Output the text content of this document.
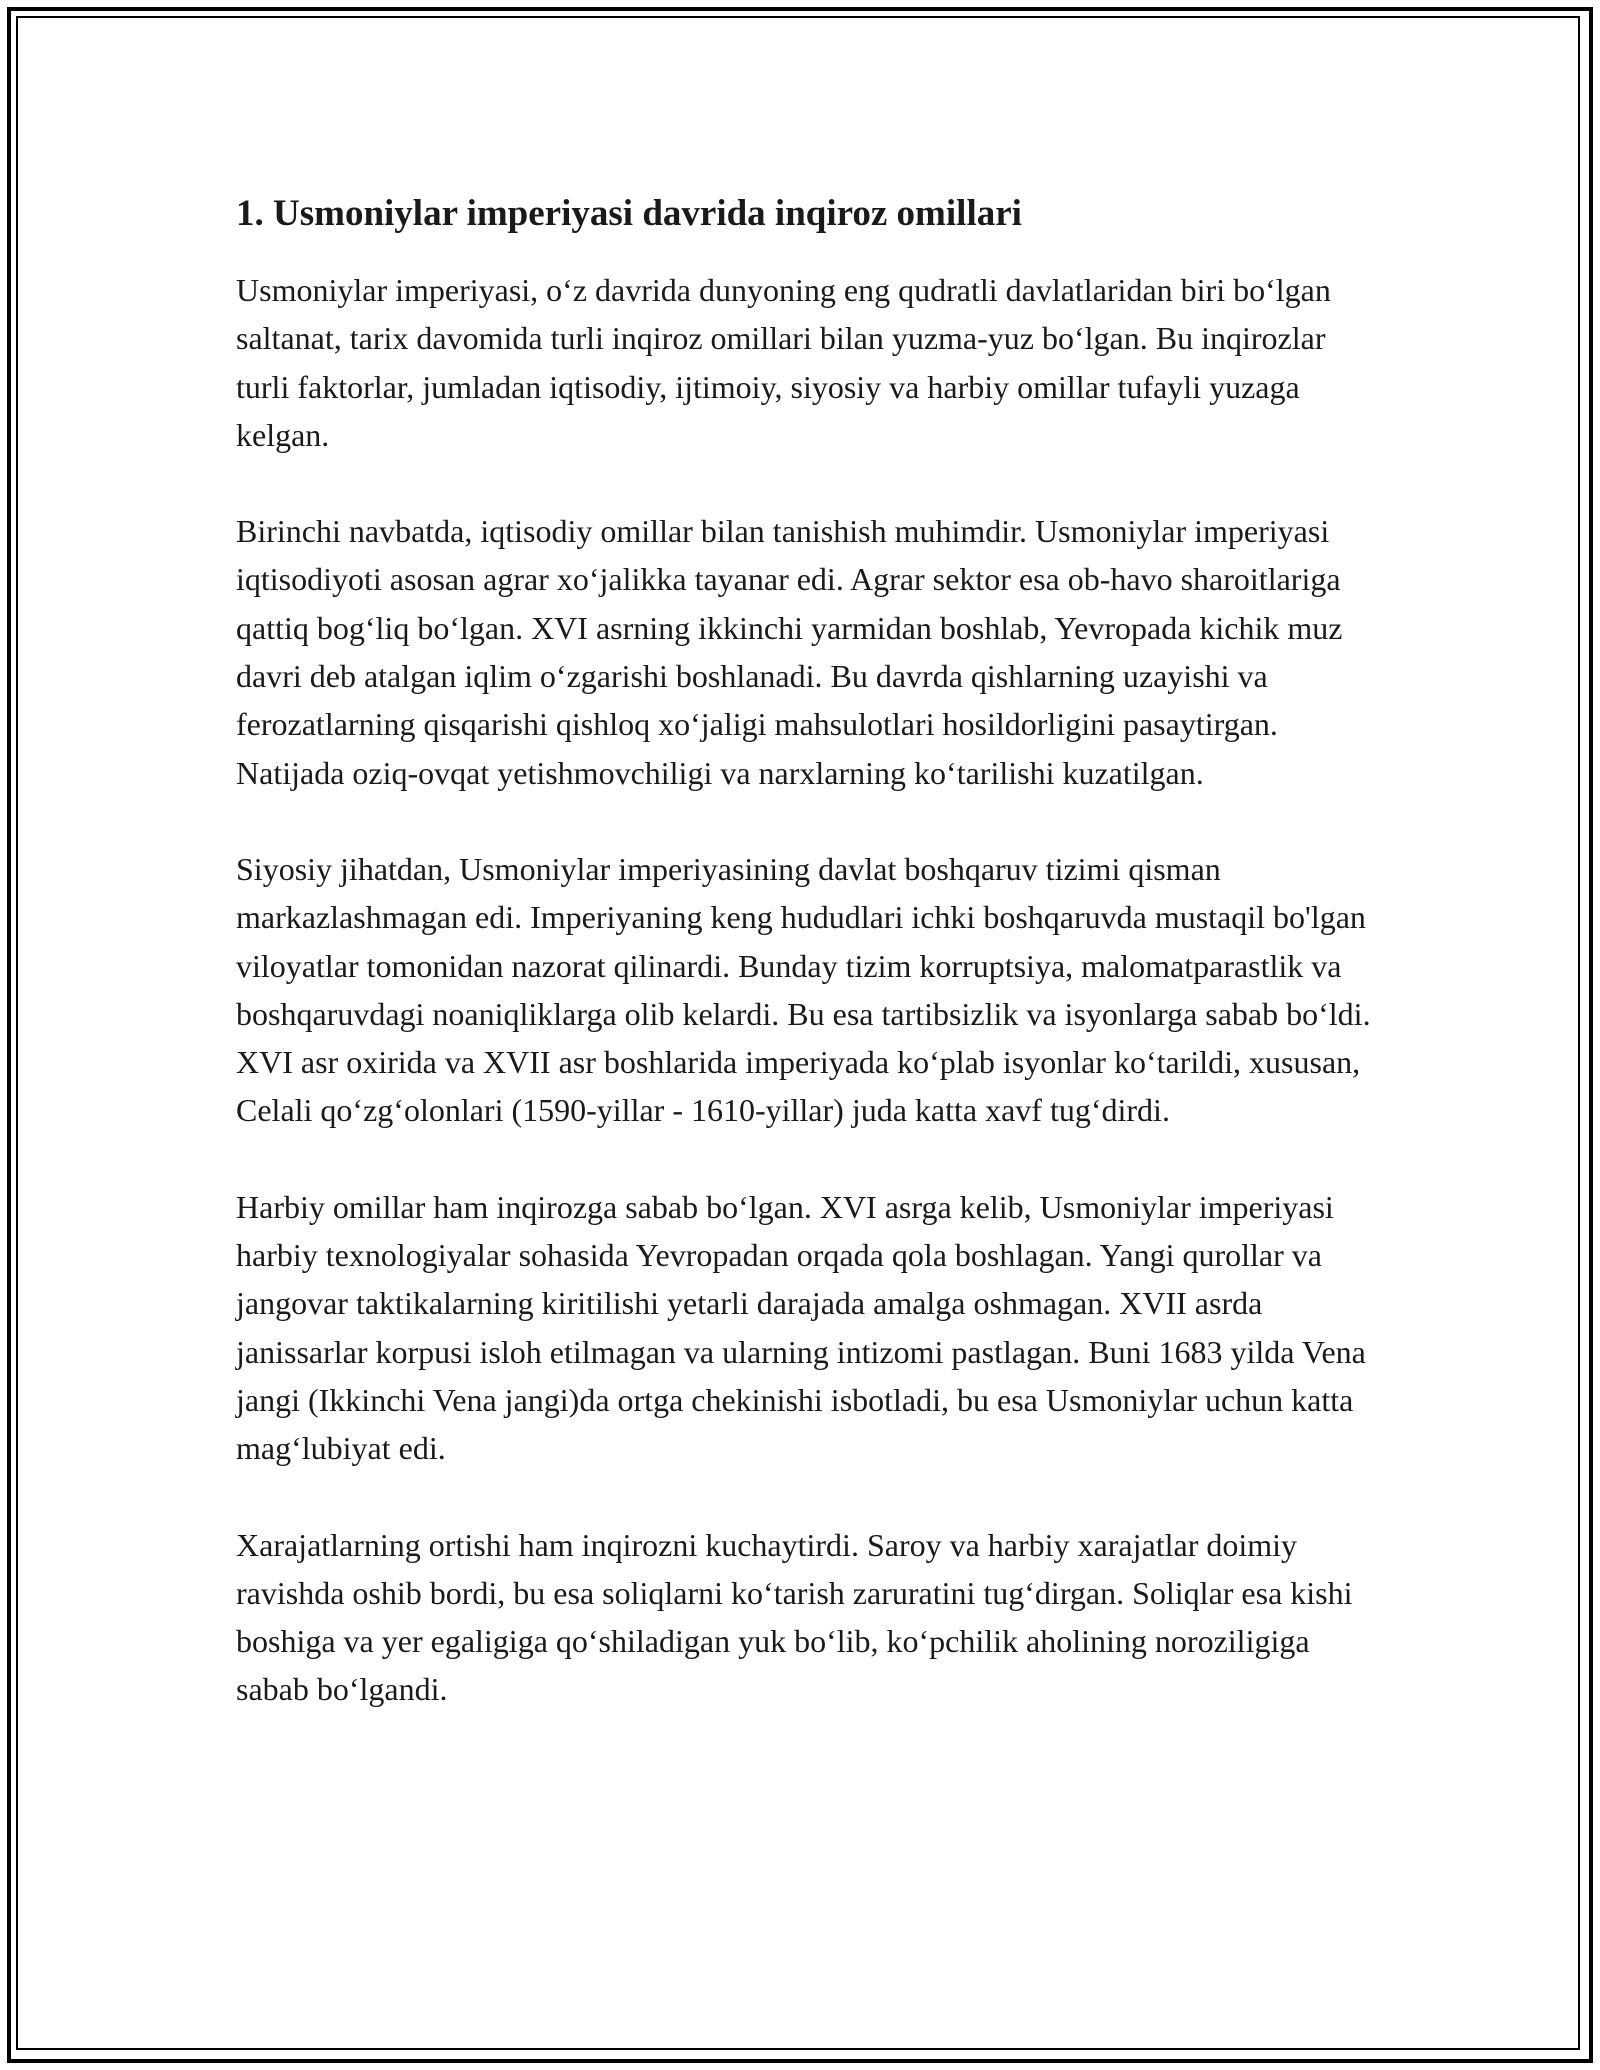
1. Usmoniylar imperiyasi davrida inqiroz omillari

Usmoniylar imperiyasi, o‘z davrida dunyoning eng qudratli davlatlaridan biri bo‘lgan saltanat, tarix davomida turli inqiroz omillari bilan yuzma-yuz bo‘lgan. Bu inqirozlar turli faktorlar, jumladan iqtisodiy, ijtimoiy, siyosiy va harbiy omillar tufayli yuzaga kelgan.

Birinchi navbatda, iqtisodiy omillar bilan tanishish muhimdir. Usmoniylar imperiyasi iqtisodiyoti asosan agrar xo‘jalikka tayanar edi. Agrar sektor esa ob-havo sharoitlariga qattiq bog‘liq bo‘lgan. XVI asrning ikkinchi yarmidan boshlab, Yevropada kichik muz davri deb atalgan iqlim o‘zgarishi boshlanadi. Bu davrda qishlarning uzayishi va ferozatlarning qisqarishi qishloq xo‘jaligi mahsulotlari hosildorligini pasaytirgan. Natijada oziq-ovqat yetishmovchiligi va narxlarning ko‘tarilishi kuzatilgan.

Siyosiy jihatdan, Usmoniylar imperiyasining davlat boshqaruv tizimi qisman markazlashmagan edi. Imperiyaning keng hududlari ichki boshqaruvda mustaqil bo'lgan viloyatlar tomonidan nazorat qilinardi. Bunday tizim korruptsiya, malomatparastlik va boshqaruvdagi noaniqliklarga olib kelardi. Bu esa tartibsizlik va isyonlarga sabab bo‘ldi. XVI asr oxirida va XVII asr boshlarida imperiyada ko‘plab isyonlar ko‘tarildi, xususan, Celali qo‘zg‘olonlari (1590-yillar - 1610-yillar) juda katta xavf tug‘dirdi.

Harbiy omillar ham inqirozga sabab bo‘lgan. XVI asrga kelib, Usmoniylar imperiyasi harbiy texnologiyalar sohasida Yevropadan orqada qola boshlagan. Yangi qurollar va jangovar taktikalarning kiritilishi yetarli darajada amalga oshmagan. XVII asrda janissarlar korpusi isloh etilmagan va ularning intizomi pastlagan. Buni 1683 yilda Vena jangi (Ikkinchi Vena jangi)da ortga chekinishi isbotladi, bu esa Usmoniylar uchun katta mag‘lubiyat edi.

Xarajatlarning ortishi ham inqirozni kuchaytirdi. Saroy va harbiy xarajatlar doimiy ravishda oshib bordi, bu esa soliqlarni ko‘tarish zaruratini tug‘dirgan. Soliqlar esa kishi boshiga va yer egaligiga qo‘shiladigan yuk bo‘lib, ko‘pchilik aholining noroziligiga sabab bo‘lgandi.
